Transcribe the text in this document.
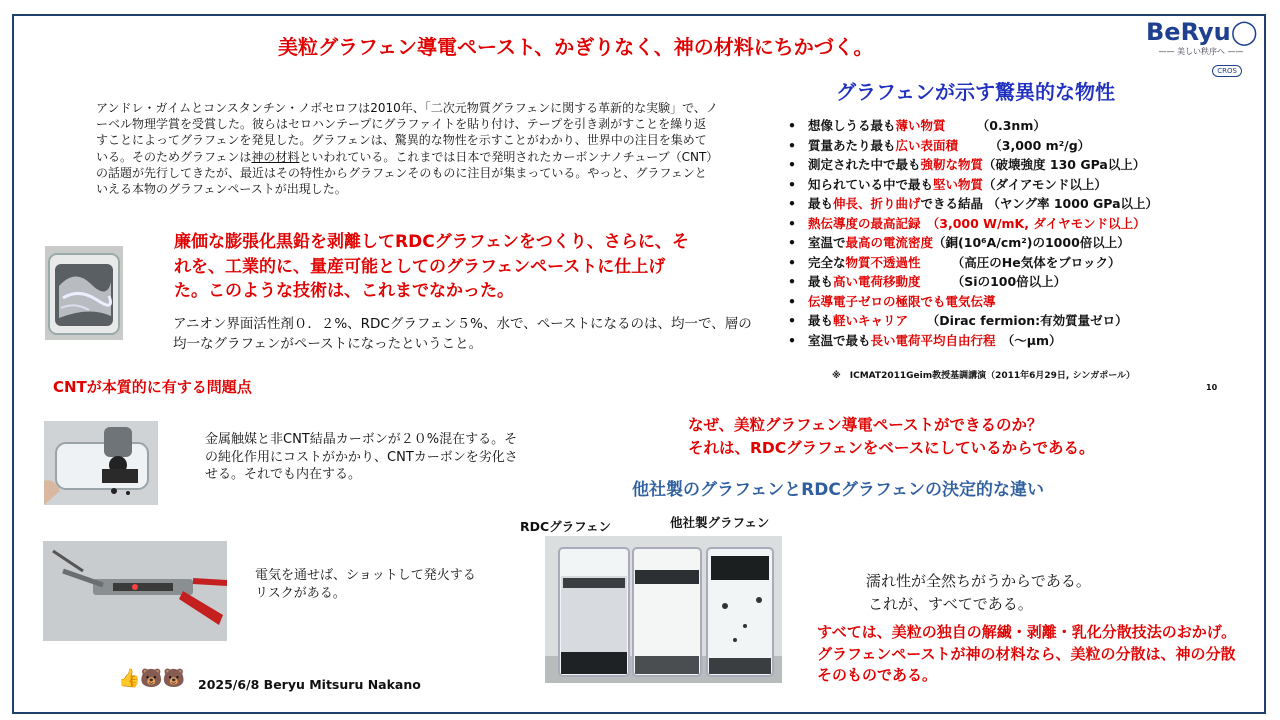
美粒グラフェン導電ペースト、かぎりなく、神の材料にちかづく。
BeRyu◯
—— 美しい秩序へ ——
CROS
アンドレ・ガイムとコンスタンチン・ノボセロフは2010年、「二次元物質グラフェンに関する革新的な実験」で、ノーベル物理学賞を受賞した。彼らはセロハンテープにグラファイトを貼り付け、テープを引き剥がすことを繰り返すことによってグラフェンを発見した。グラフェンは、驚異的な物性を示すことがわかり、世界中の注目を集めている。そのためグラフェンは神の材料といわれている。これまでは日本で発明されたカーボンナノチューブ（CNT）の話題が先行してきたが、最近はその特性からグラフェンそのものに注目が集まっている。やっと、グラフェンといえる本物のグラフェンペーストが出現した。
廉価な膨張化黒鉛を剥離してRDCグラフェンをつくり、さらに、それを、工業的に、量産可能としてのグラフェンペーストに仕上げた。このような技術は、これまでなかった。
アニオン界面活性剤０．２%、RDCグラフェン５%、水で、ペーストになるのは、均一で、層の均一なグラフェンがペーストになったということ。
グラフェンが示す驚異的な物性
• 想像しうる最も薄い物質　　　（0.3nm）
• 質量あたり最も広い表面積　　　（3,000 m²/g）
• 測定された中で最も強靭な物質（破壊強度 130 GPa以上）
• 知られている中で最も堅い物質（ダイアモンド以上）
• 最も伸長、折り曲げできる結晶 （ヤング率 1000 GPa以上）
• 熱伝導度の最高記録　（3,000 W/mK, ダイヤモンド以上）
• 室温で最高の電流密度（銅(10⁶A/cm²)の1000倍以上）
• 完全な物質不透過性　　　（高圧のHe気体をブロック）
• 最も高い電荷移動度　　　（Siの100倍以上）
• 伝導電子ゼロの極限でも電気伝導
• 最も軽いキャリア　　（Dirac fermion:有効質量ゼロ）
• 室温で最も長い電荷平均自由行程　（～μm）
※　ICMAT2011Geim教授基調講演（2011年6月29日, シンガポール）
10
CNTが本質的に有する問題点
金属触媒と非CNT結晶カーボンが２０%混在する。その純化作用にコストがかかり、CNTカーボンを劣化させる。それでも内在する。
電気を通せば、ショットして発火するリスクがある。
なぜ、美粒グラフェン導電ペーストができるのか？
それは、RDCグラフェンをベースにしているからである。
他社製のグラフェンとRDCグラフェンの決定的な違い
RDCグラフェン	他社製グラフェン
濡れ性が全然ちがうからである。
これが、すべてである。
すべては、美粒の独自の解繊・剥離・乳化分散技法のおかげ。グラフェンペーストが神の材料なら、美粒の分散は、神の分散そのものである。
👍🐻🐻 2025/6/8 Beryu Mitsuru Nakano
